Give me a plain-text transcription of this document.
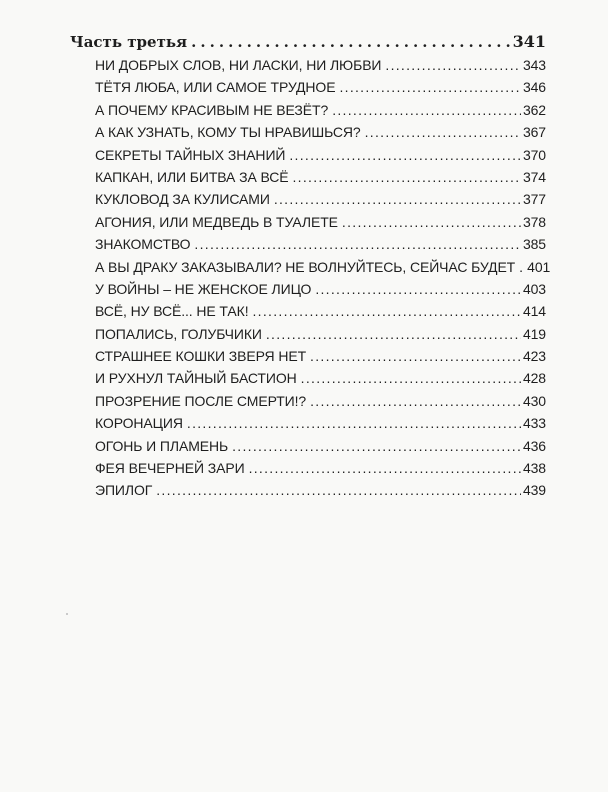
Часть третья . . .	341
НИ ДОБРЫХ СЛОВ, НИ ЛАСКИ, НИ ЛЮБВИ . . .	343
ТЁТЯ ЛЮБА, ИЛИ САМОЕ ТРУДНОЕ . . .	346
А ПОЧЕМУ КРАСИВЫМ НЕ ВЕЗЁТ? . . .	362
А КАК УЗНАТЬ, КОМУ ТЫ НРАВИШЬСЯ? . . .	367
СЕКРЕТЫ ТАЙНЫХ ЗНАНИЙ . . .	370
КАПКАН, ИЛИ БИТВА ЗА ВСЁ . . .	374
КУКЛОВОД ЗА КУЛИСАМИ . . .	377
АГОНИЯ, ИЛИ МЕДВЕДЬ В ТУАЛЕТЕ . . .	378
ЗНАКОМСТВО . . .	385
А ВЫ ДРАКУ ЗАКАЗЫВАЛИ? НЕ ВОЛНУЙТЕСЬ, СЕЙЧАС БУДЕТ . . . 401
У ВОЙНЫ – НЕ ЖЕНСКОЕ ЛИЦО . . .	403
ВСЁ, НУ ВСЁ... НЕ ТАК! . . .	414
ПОПАЛИСЬ, ГОЛУБЧИКИ . . .	419
СТРАШНЕЕ КОШКИ ЗВЕРЯ НЕТ . . .	423
И РУХНУЛ ТАЙНЫЙ БАСТИОН . . .	428
ПРОЗРЕНИЕ ПОСЛЕ СМЕРТИ!? . . .	430
КОРОНАЦИЯ . . .	433
ОГОНЬ И ПЛАМЕНЬ . . .	436
ФЕЯ ВЕЧЕРНЕЙ ЗАРИ . . .	438
ЭПИЛОГ . . .	439
